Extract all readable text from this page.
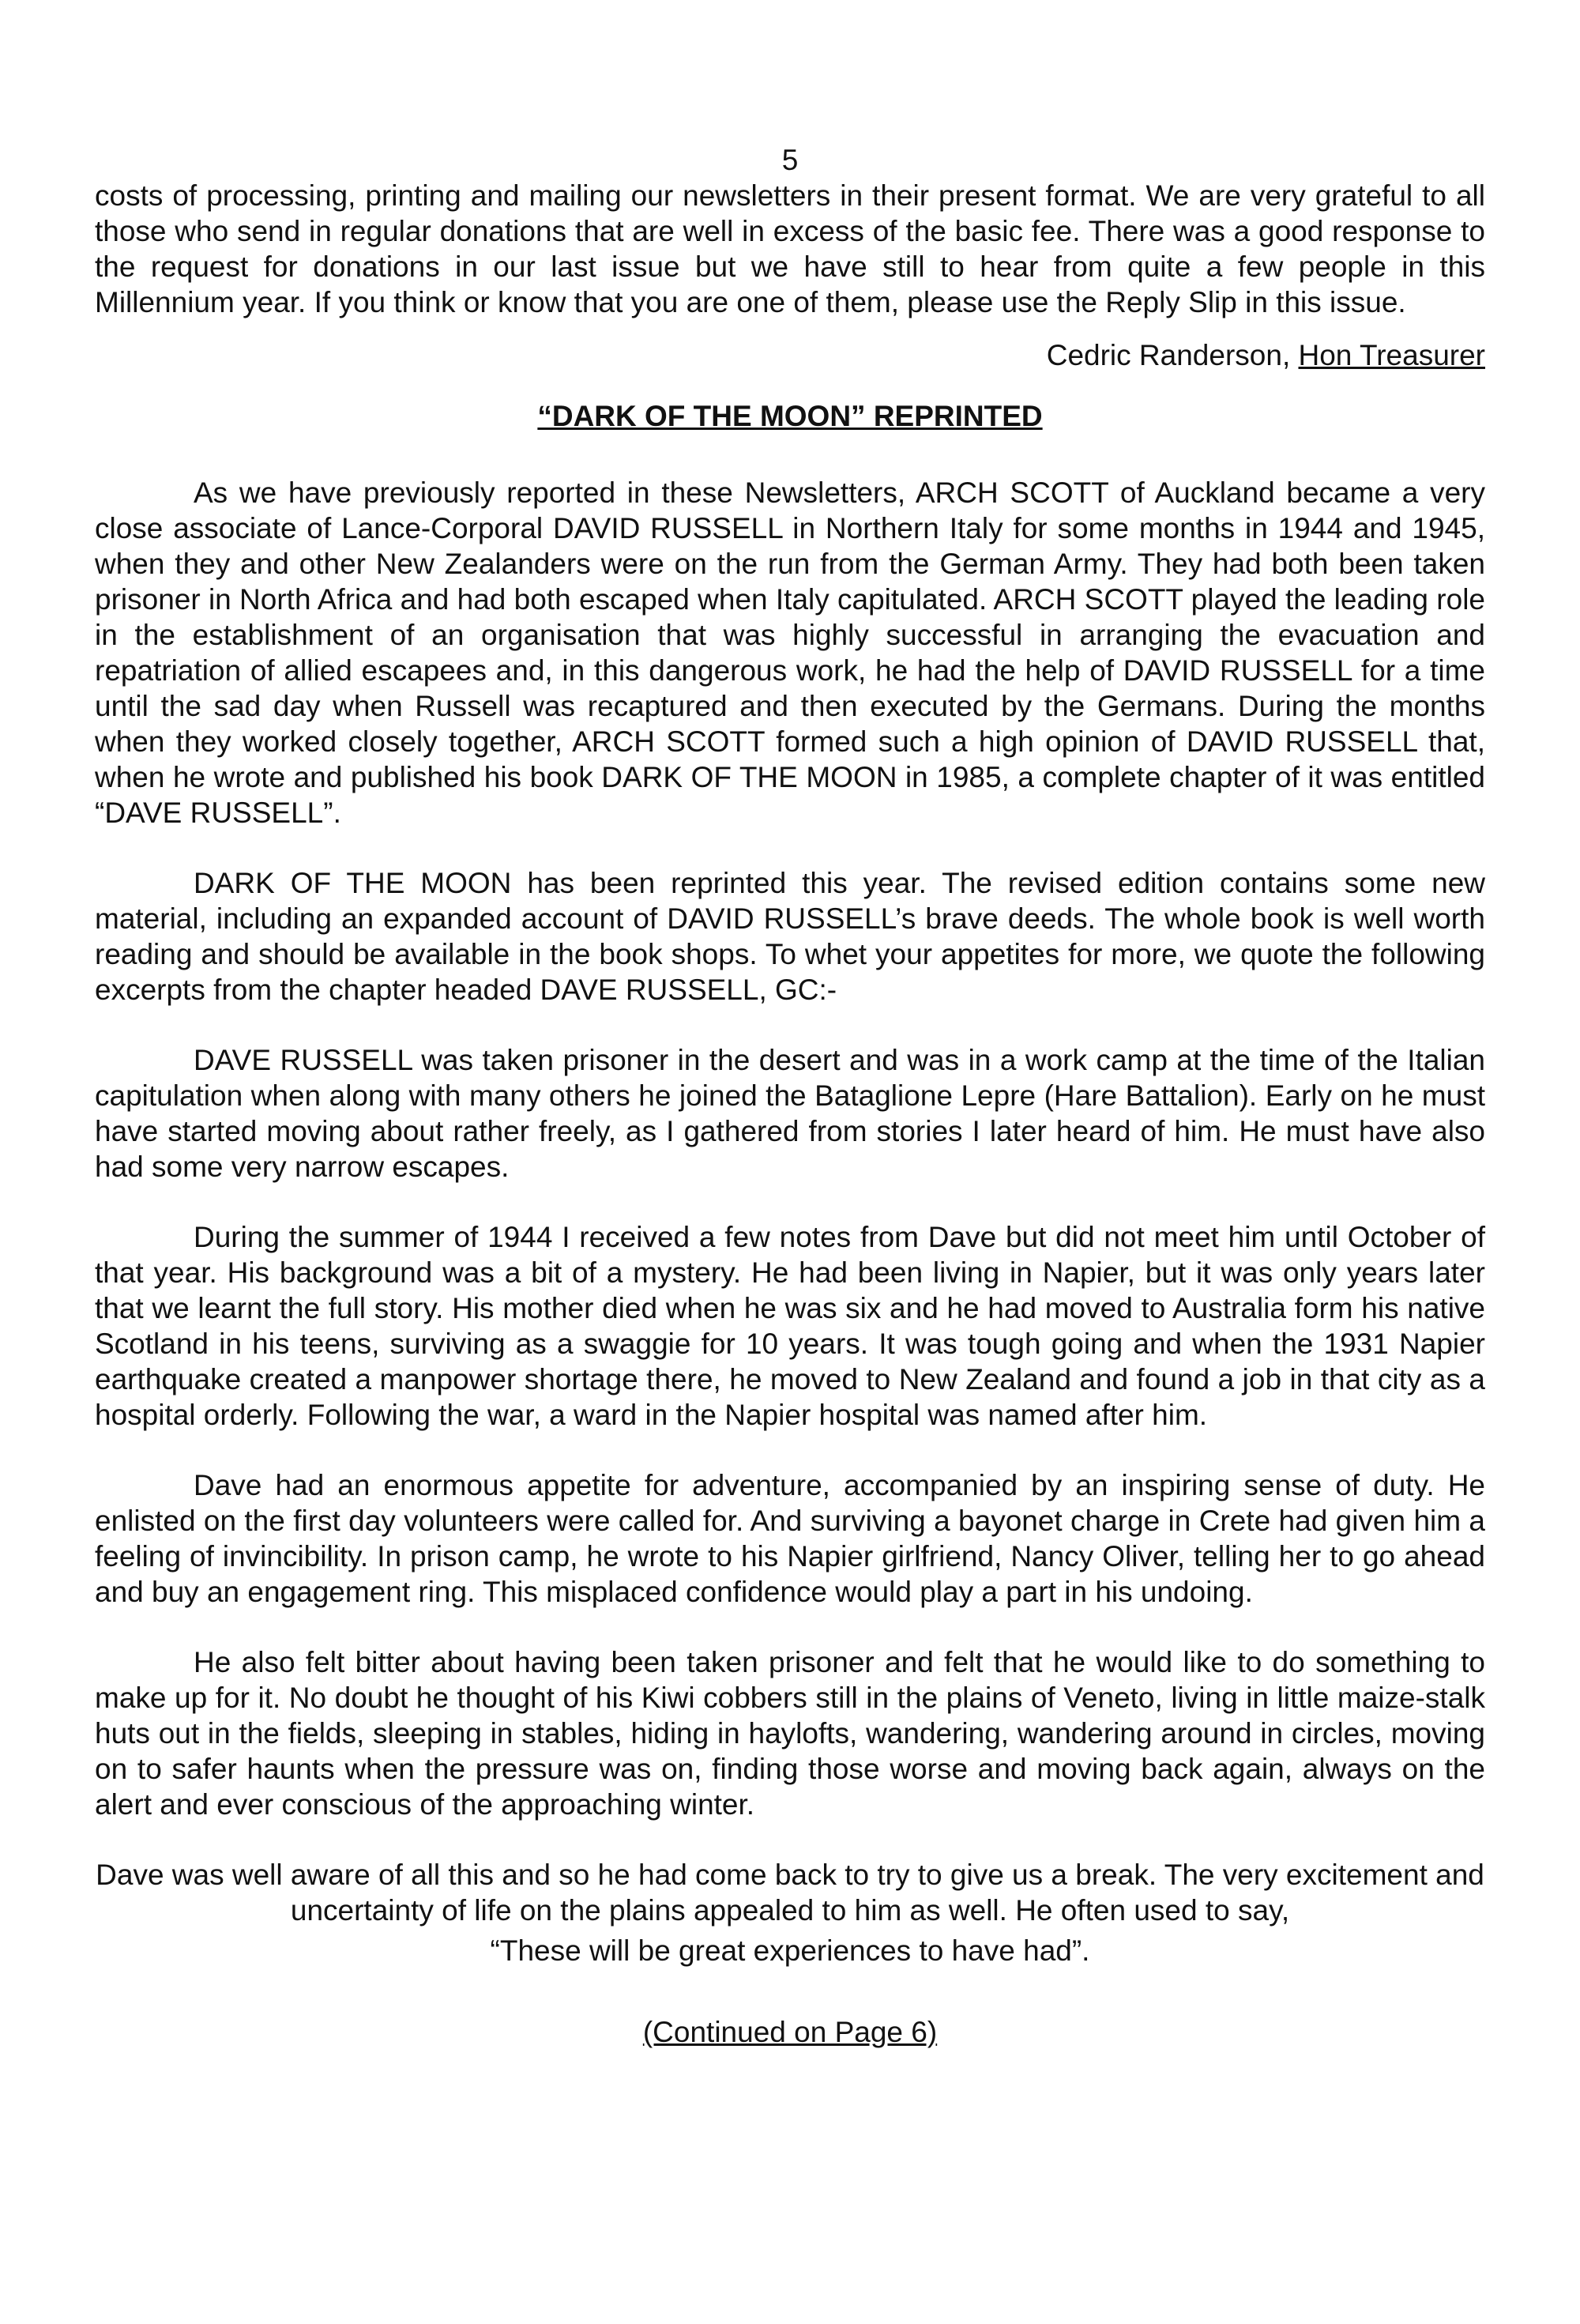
5

costs of processing, printing and mailing our newsletters in their present format. We are very grateful to all those who send in regular donations that are well in excess of the basic fee. There was a good response to the request for donations in our last issue but we have still to hear from quite a few people in this Millennium year. If you think or know that you are one of them, please use the Reply Slip in this issue.

Cedric Randerson, Hon Treasurer
“DARK OF THE MOON” REPRINTED

As we have previously reported in these Newsletters, ARCH SCOTT of Auckland became a very close associate of Lance-Corporal DAVID RUSSELL in Northern Italy for some months in 1944 and 1945, when they and other New Zealanders were on the run from the German Army. They had both been taken prisoner in North Africa and had both escaped when Italy capitulated. ARCH SCOTT played the leading role in the establishment of an organisation that was highly successful in arranging the evacuation and repatriation of allied escapees and, in this dangerous work, he had the help of DAVID RUSSELL for a time until the sad day when Russell was recaptured and then executed by the Germans. During the months when they worked closely together, ARCH SCOTT formed such a high opinion of DAVID RUSSELL that, when he wrote and published his book DARK OF THE MOON in 1985, a complete chapter of it was entitled “DAVE RUSSELL”.

DARK OF THE MOON has been reprinted this year. The revised edition contains some new material, including an expanded account of DAVID RUSSELL’s brave deeds. The whole book is well worth reading and should be available in the book shops. To whet your appetites for more, we quote the following excerpts from the chapter headed DAVE RUSSELL, GC:-

DAVE RUSSELL was taken prisoner in the desert and was in a work camp at the time of the Italian capitulation when along with many others he joined the Bataglione Lepre (Hare Battalion). Early on he must have started moving about rather freely, as I gathered from stories I later heard of him. He must have also had some very narrow escapes.

During the summer of 1944 I received a few notes from Dave but did not meet him until October of that year. His background was a bit of a mystery. He had been living in Napier, but it was only years later that we learnt the full story. His mother died when he was six and he had moved to Australia form his native Scotland in his teens, surviving as a swaggie for 10 years. It was tough going and when the 1931 Napier earthquake created a manpower shortage there, he moved to New Zealand and found a job in that city as a hospital orderly. Following the war, a ward in the Napier hospital was named after him.

Dave had an enormous appetite for adventure, accompanied by an inspiring sense of duty. He enlisted on the first day volunteers were called for. And surviving a bayonet charge in Crete had given him a feeling of invincibility. In prison camp, he wrote to his Napier girlfriend, Nancy Oliver, telling her to go ahead and buy an engagement ring. This misplaced confidence would play a part in his undoing.

He also felt bitter about having been taken prisoner and felt that he would like to do something to make up for it. No doubt he thought of his Kiwi cobbers still in the plains of Veneto, living in little maize-stalk huts out in the fields, sleeping in stables, hiding in haylofts, wandering, wandering around in circles, moving on to safer haunts when the pressure was on, finding those worse and moving back again, always on the alert and ever conscious of the approaching winter.

Dave was well aware of all this and so he had come back to try to give us a break. The very excitement and uncertainty of life on the plains appealed to him as well. He often used to say,

“These will be great experiences to have had”.

(Continued on Page 6)
